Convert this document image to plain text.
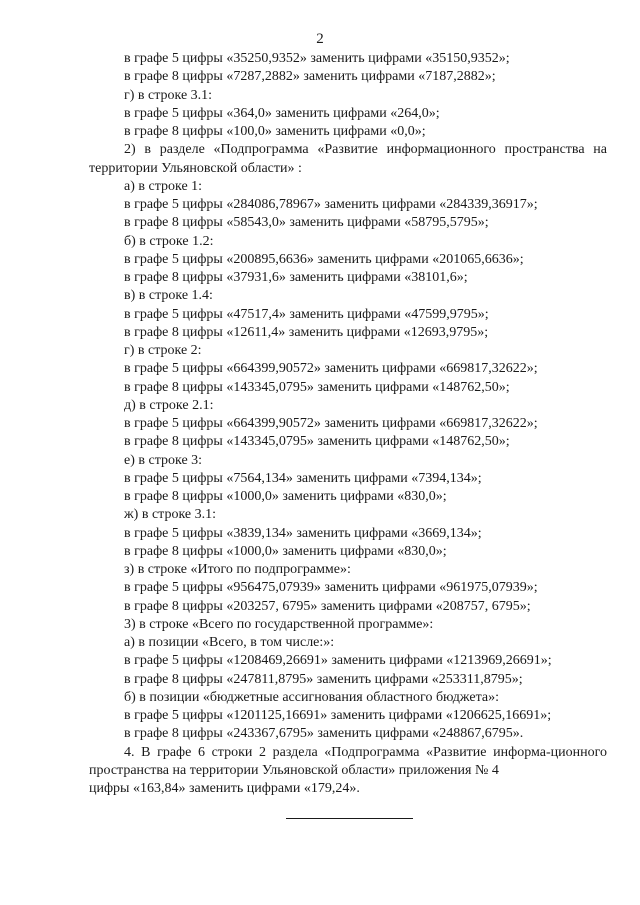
2

в графе 5 цифры «35250,9352» заменить цифрами «35150,9352»;

в графе 8 цифры «7287,2882» заменить цифрами «7187,2882»;

г) в строке 3.1:

в графе 5 цифры «364,0» заменить цифрами «264,0»;

в графе 8 цифры «100,0» заменить цифрами «0,0»;

2) в разделе «Подпрограмма «Развитие информационного пространства на территории Ульяновской области» :

а) в строке 1:

в графе 5 цифры «284086,78967» заменить цифрами «284339,36917»;

в графе 8 цифры «58543,0» заменить цифрами «58795,5795»;

б) в строке 1.2:

в графе 5 цифры «200895,6636» заменить цифрами «201065,6636»;

в графе 8 цифры «37931,6» заменить цифрами «38101,6»;

в) в строке 1.4:

в графе 5 цифры «47517,4» заменить цифрами «47599,9795»;

в графе 8 цифры «12611,4» заменить цифрами «12693,9795»;

г) в строке 2:

в графе 5 цифры «664399,90572» заменить цифрами «669817,32622»;

в графе 8 цифры «143345,0795» заменить цифрами «148762,50»;

д) в строке 2.1:

в графе 5 цифры «664399,90572» заменить цифрами «669817,32622»;

в графе 8 цифры «143345,0795» заменить цифрами «148762,50»;

е) в строке 3:

в графе 5 цифры «7564,134» заменить цифрами «7394,134»;

в графе 8 цифры «1000,0» заменить цифрами «830,0»;

ж) в строке 3.1:

в графе 5 цифры «3839,134» заменить цифрами «3669,134»;

в графе 8 цифры «1000,0» заменить цифрами «830,0»;

з) в строке «Итого по подпрограмме»:

в графе 5 цифры «956475,07939» заменить цифрами «961975,07939»;

в графе 8 цифры «203257, 6795» заменить цифрами «208757, 6795»;

3) в строке «Всего по государственной программе»:

а) в позиции «Всего, в том числе:»:

в графе 5 цифры «1208469,26691» заменить цифрами «1213969,26691»;

в графе 8 цифры «247811,8795» заменить цифрами «253311,8795»;

б) в позиции «бюджетные ассигнования областного бюджета»:

в графе 5 цифры «1201125,16691» заменить цифрами «1206625,16691»;

в графе 8 цифры «243367,6795» заменить цифрами «248867,6795».

4. В графе 6 строки 2 раздела «Подпрограмма «Развитие информа-ционного пространства на территории Ульяновской области» приложения № 4

цифры «163,84» заменить цифрами «179,24».
